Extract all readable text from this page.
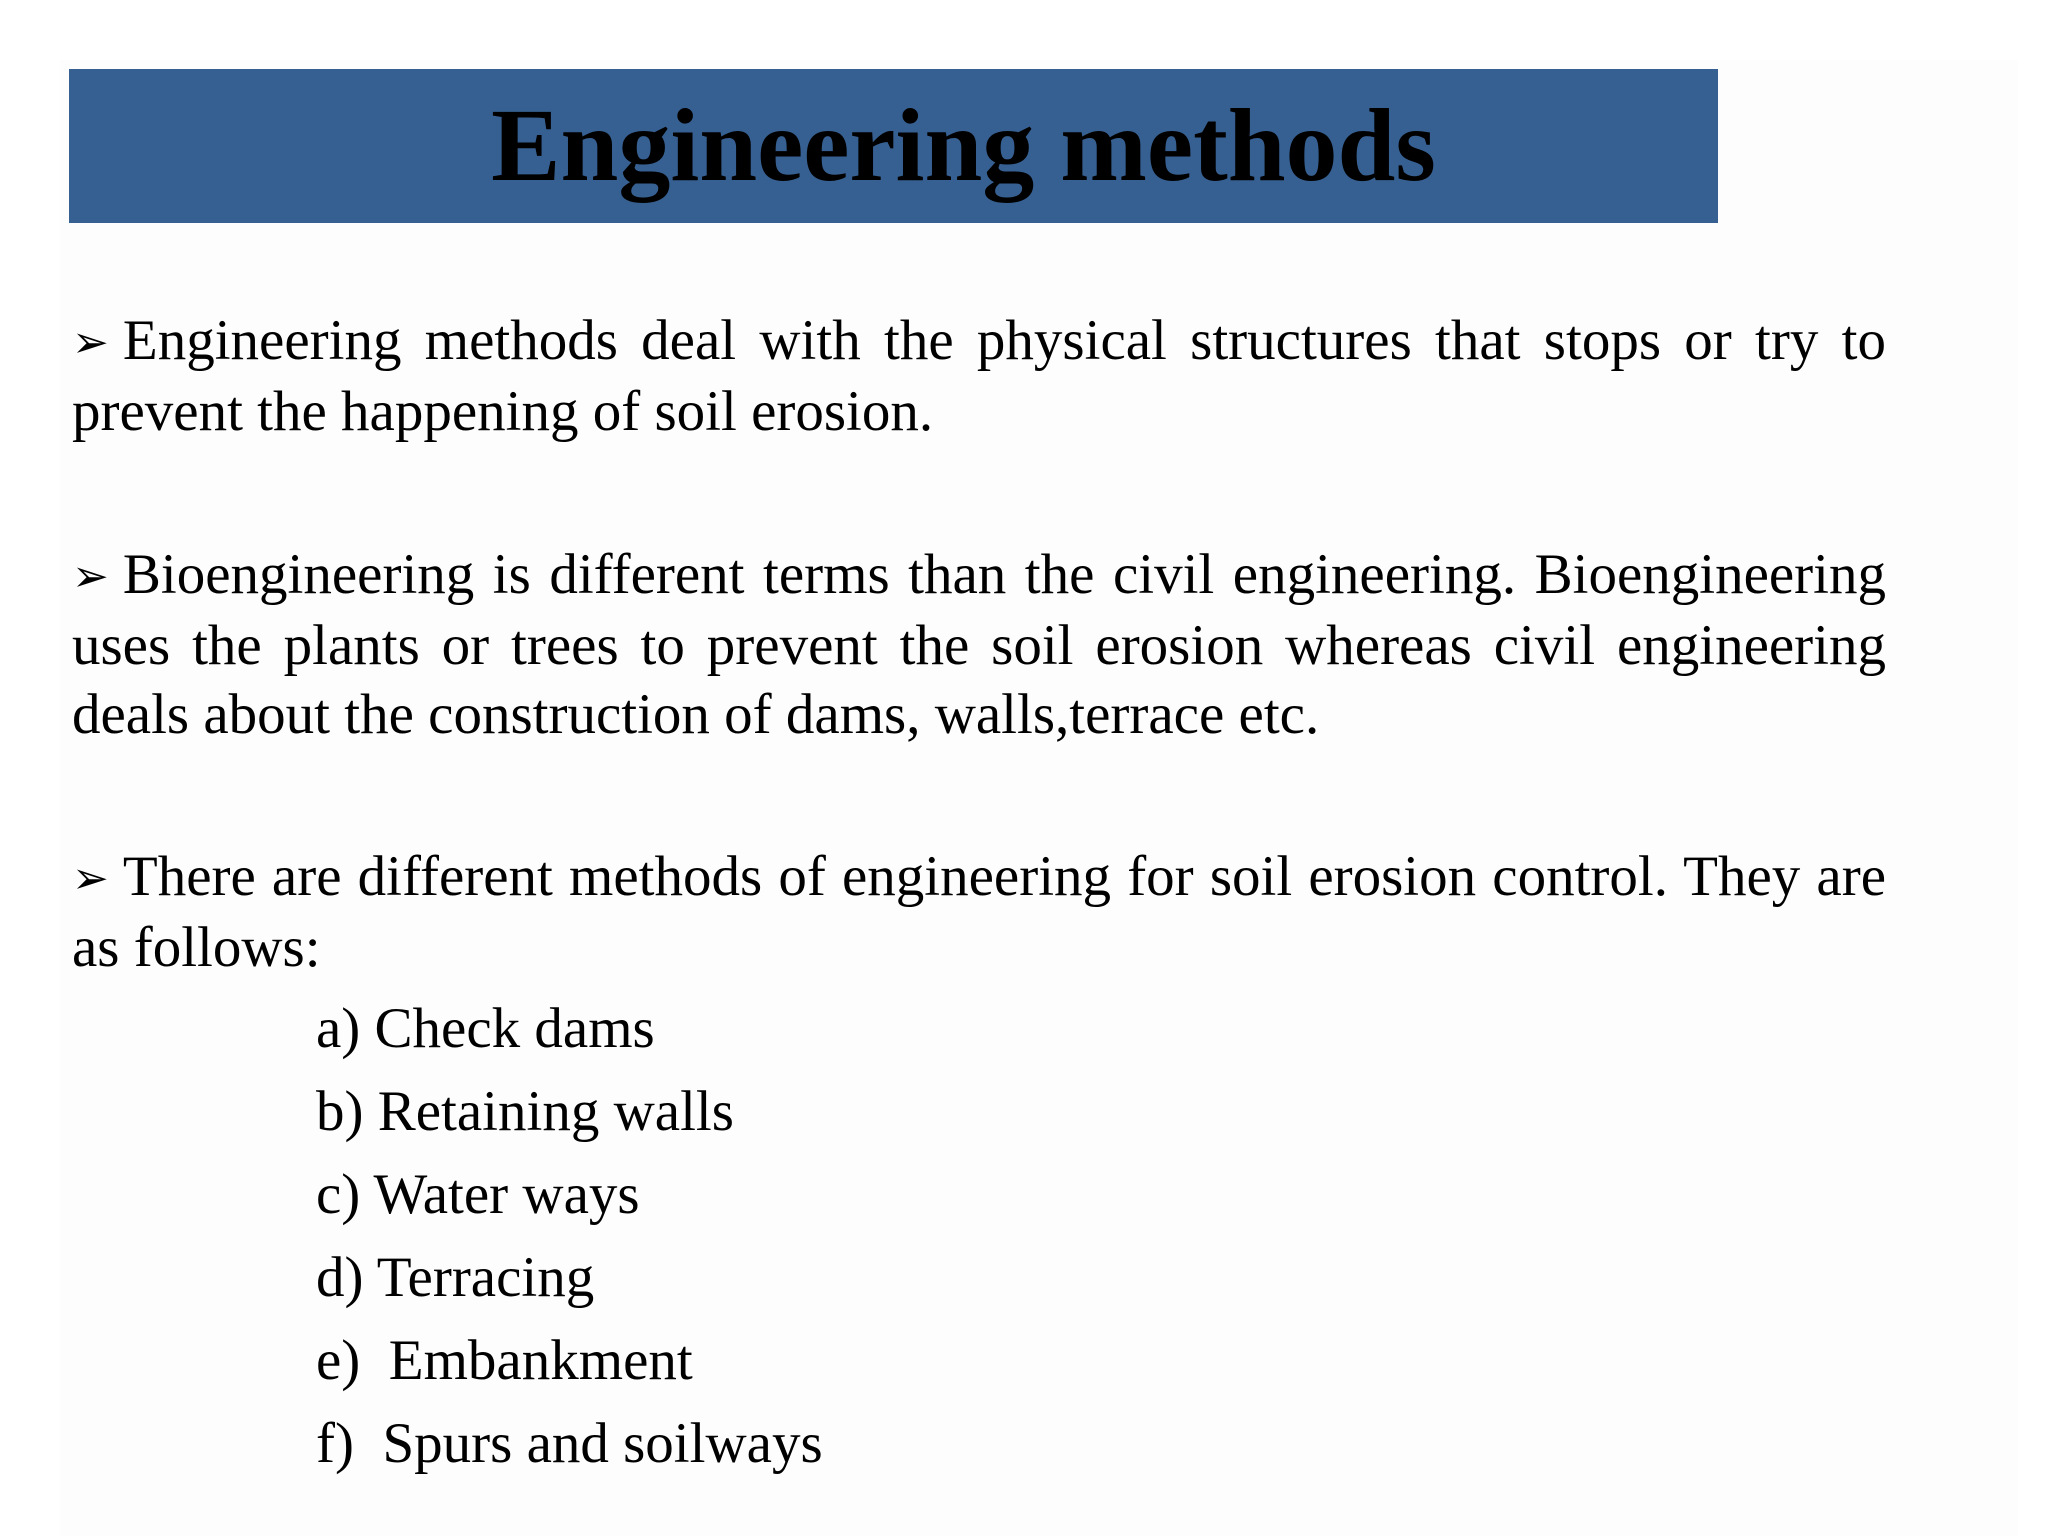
Engineering methods
➢ Engineering methods deal with the physical structures that stops or try to prevent the happening of soil erosion.
➢ Bioengineering is different terms than the civil engineering. Bioengineering uses the plants or trees to prevent the soil erosion whereas civil engineering deals about the construction of dams, walls,terrace etc.
➢ There are different methods of engineering for soil erosion control. They are as follows:
a) Check dams
b) Retaining walls
c) Water ways
d) Terracing
e)  Embankment
f)  Spurs and soilways
